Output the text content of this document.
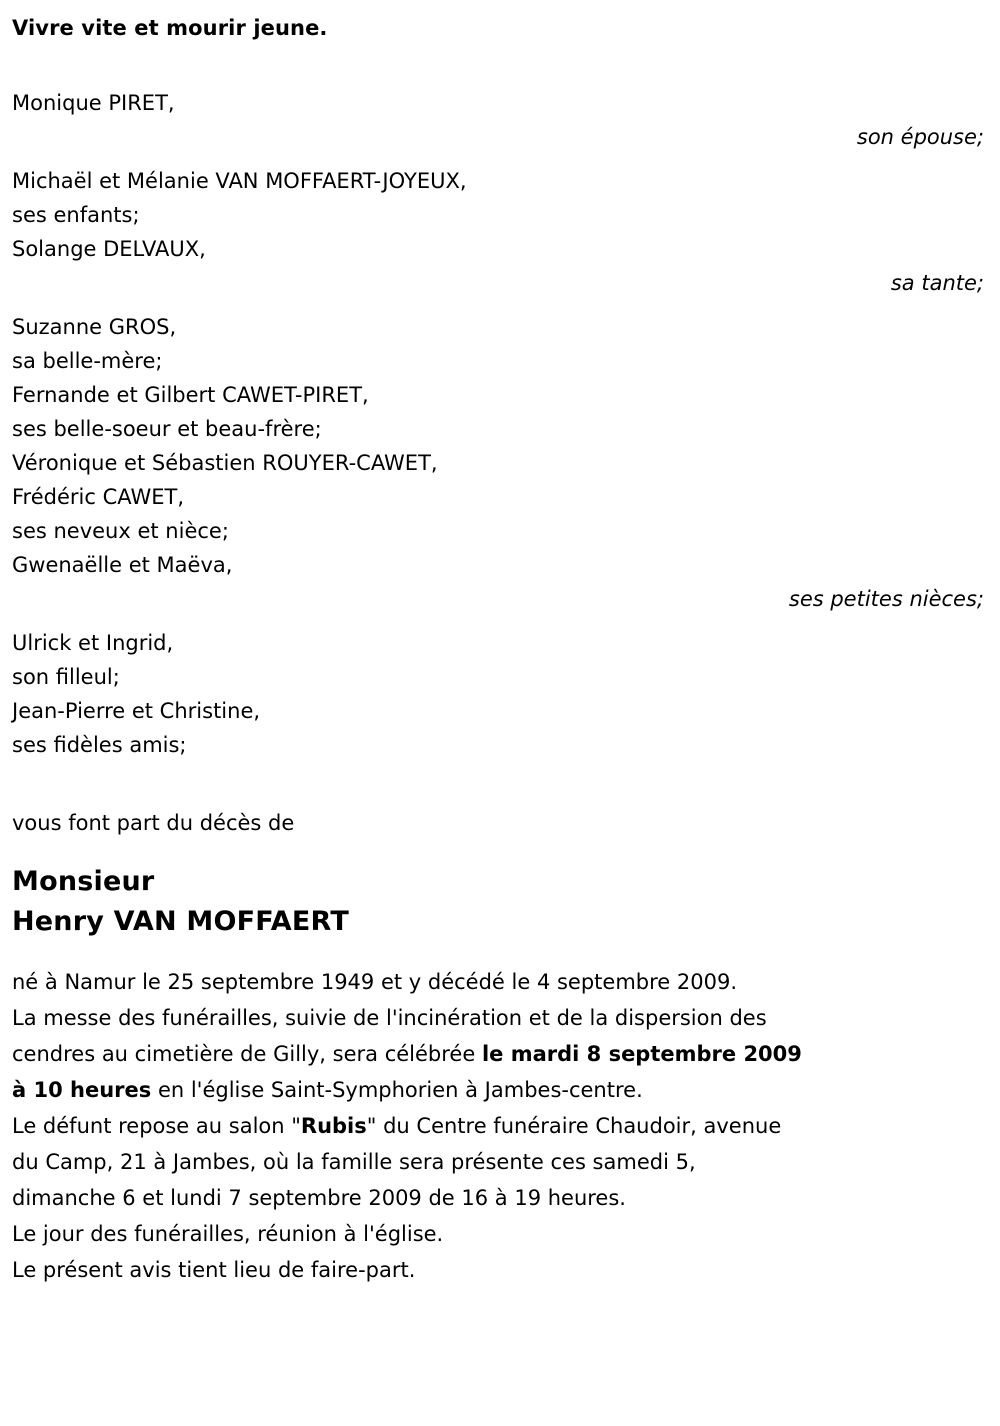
Vivre vite et mourir jeune.
Monique PIRET,
son épouse;
Michaël et Mélanie VAN MOFFAERT-JOYEUX,
ses enfants;
Solange DELVAUX,
sa tante;
Suzanne GROS,
sa belle-mère;
Fernande et Gilbert CAWET-PIRET,
ses belle-soeur et beau-frère;
Véronique et Sébastien ROUYER-CAWET,
Frédéric CAWET,
ses neveux et nièce;
Gwenaëlle et Maëva,
ses petites nièces;
Ulrick et Ingrid,
son filleul;
Jean-Pierre et Christine,
ses fidèles amis;
vous font part du décès de
Monsieur
Henry VAN MOFFAERT
né à Namur le 25 septembre 1949 et y décédé le 4 septembre 2009.
La messe des funérailles, suivie de l'incinération et de la dispersion des
cendres au cimetière de Gilly, sera célébrée le mardi 8 septembre 2009
à 10 heures en l'église Saint-Symphorien à Jambes-centre.
Le défunt repose au salon "Rubis" du Centre funéraire Chaudoir, avenue
du Camp, 21 à Jambes, où la famille sera présente ces samedi 5,
dimanche 6 et lundi 7 septembre 2009 de 16 à 19 heures.
Le jour des funérailles, réunion à l'église.
Le présent avis tient lieu de faire-part.
